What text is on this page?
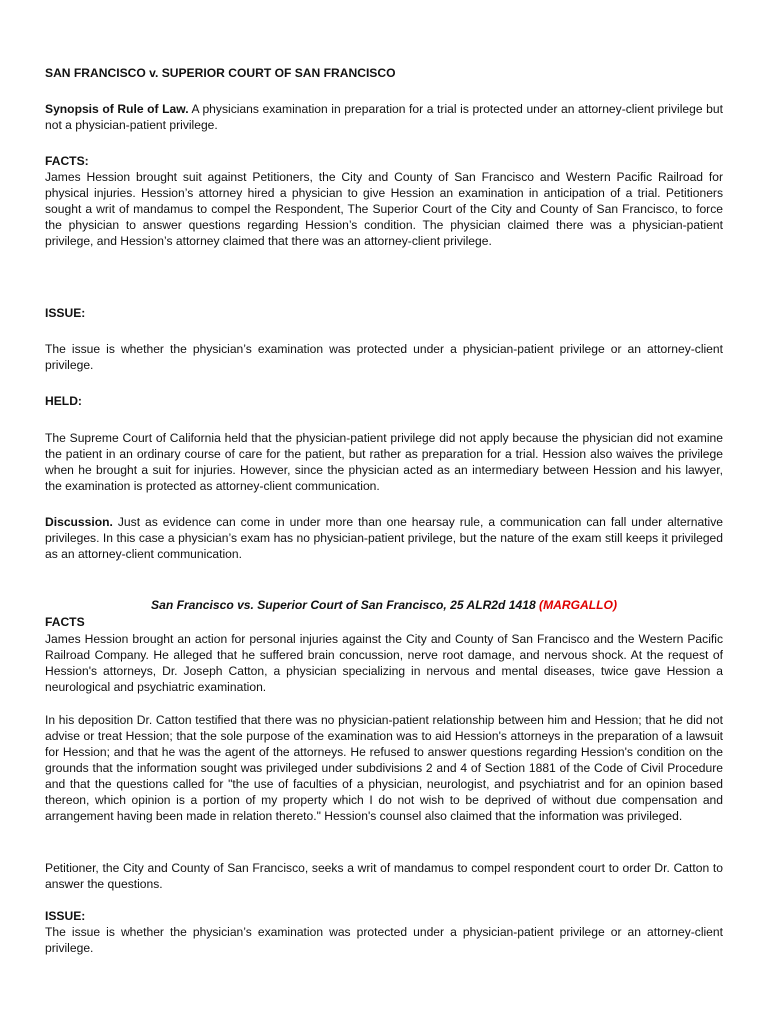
SAN FRANCISCO v. SUPERIOR COURT OF SAN FRANCISCO

Synopsis of Rule of Law. A physicians examination in preparation for a trial is protected under an attorney-client privilege but not a physician-patient privilege.

FACTS:

James Hession brought suit against Petitioners, the City and County of San Francisco and Western Pacific Railroad for physical injuries. Hession’s attorney hired a physician to give Hession an examination in anticipation of a trial. Petitioners sought a writ of mandamus to compel the Respondent, The Superior Court of the City and County of San Francisco, to force the physician to answer questions regarding Hession’s condition. The physician claimed there was a physician-patient privilege, and Hession’s attorney claimed that there was an attorney-client privilege.

ISSUE:

The issue is whether the physician’s examination was protected under a physician-patient privilege or an attorney-client privilege.

HELD:

The Supreme Court of California held that the physician-patient privilege did not apply because the physician did not examine the patient in an ordinary course of care for the patient, but rather as preparation for a trial. Hession also waives the privilege when he brought a suit for injuries. However, since the physician acted as an intermediary between Hession and his lawyer, the examination is protected as attorney-client communication.

Discussion. Just as evidence can come in under more than one hearsay rule, a communication can fall under alternative privileges. In this case a physician’s exam has no physician-patient privilege, but the nature of the exam still keeps it privileged as an attorney-client communication.

San Francisco vs. Superior Court of San Francisco, 25 ALR2d 1418 (MARGALLO)
FACTS

James Hession brought an action for personal injuries against the City and County of San Francisco and the Western Pacific Railroad Company. He alleged that he suffered brain concussion, nerve root damage, and nervous shock. At the request of Hession's attorneys, Dr. Joseph Catton, a physician specializing in nervous and mental diseases, twice gave Hession a neurological and psychiatric examination.

In his deposition Dr. Catton testified that there was no physician-patient relationship between him and Hession; that he did not advise or treat Hession; that the sole purpose of the examination was to aid Hession's attorneys in the preparation of a lawsuit for Hession; and that he was the agent of the attorneys. He refused to answer questions regarding Hession's condition on the grounds that the information sought was privileged under subdivisions 2 and 4 of Section 1881 of the Code of Civil Procedure and that the questions called for "the use of faculties of a physician, neurologist, and psychiatrist and for an opinion based thereon, which opinion is a portion of my property which I do not wish to be deprived of without due compensation and arrangement having been made in relation thereto." Hession's counsel also claimed that the information was privileged.

Petitioner, the City and County of San Francisco, seeks a writ of mandamus to compel respondent court to order Dr. Catton to answer the questions.

ISSUE:

The issue is whether the physician’s examination was protected under a physician-patient privilege or an attorney-client privilege.
